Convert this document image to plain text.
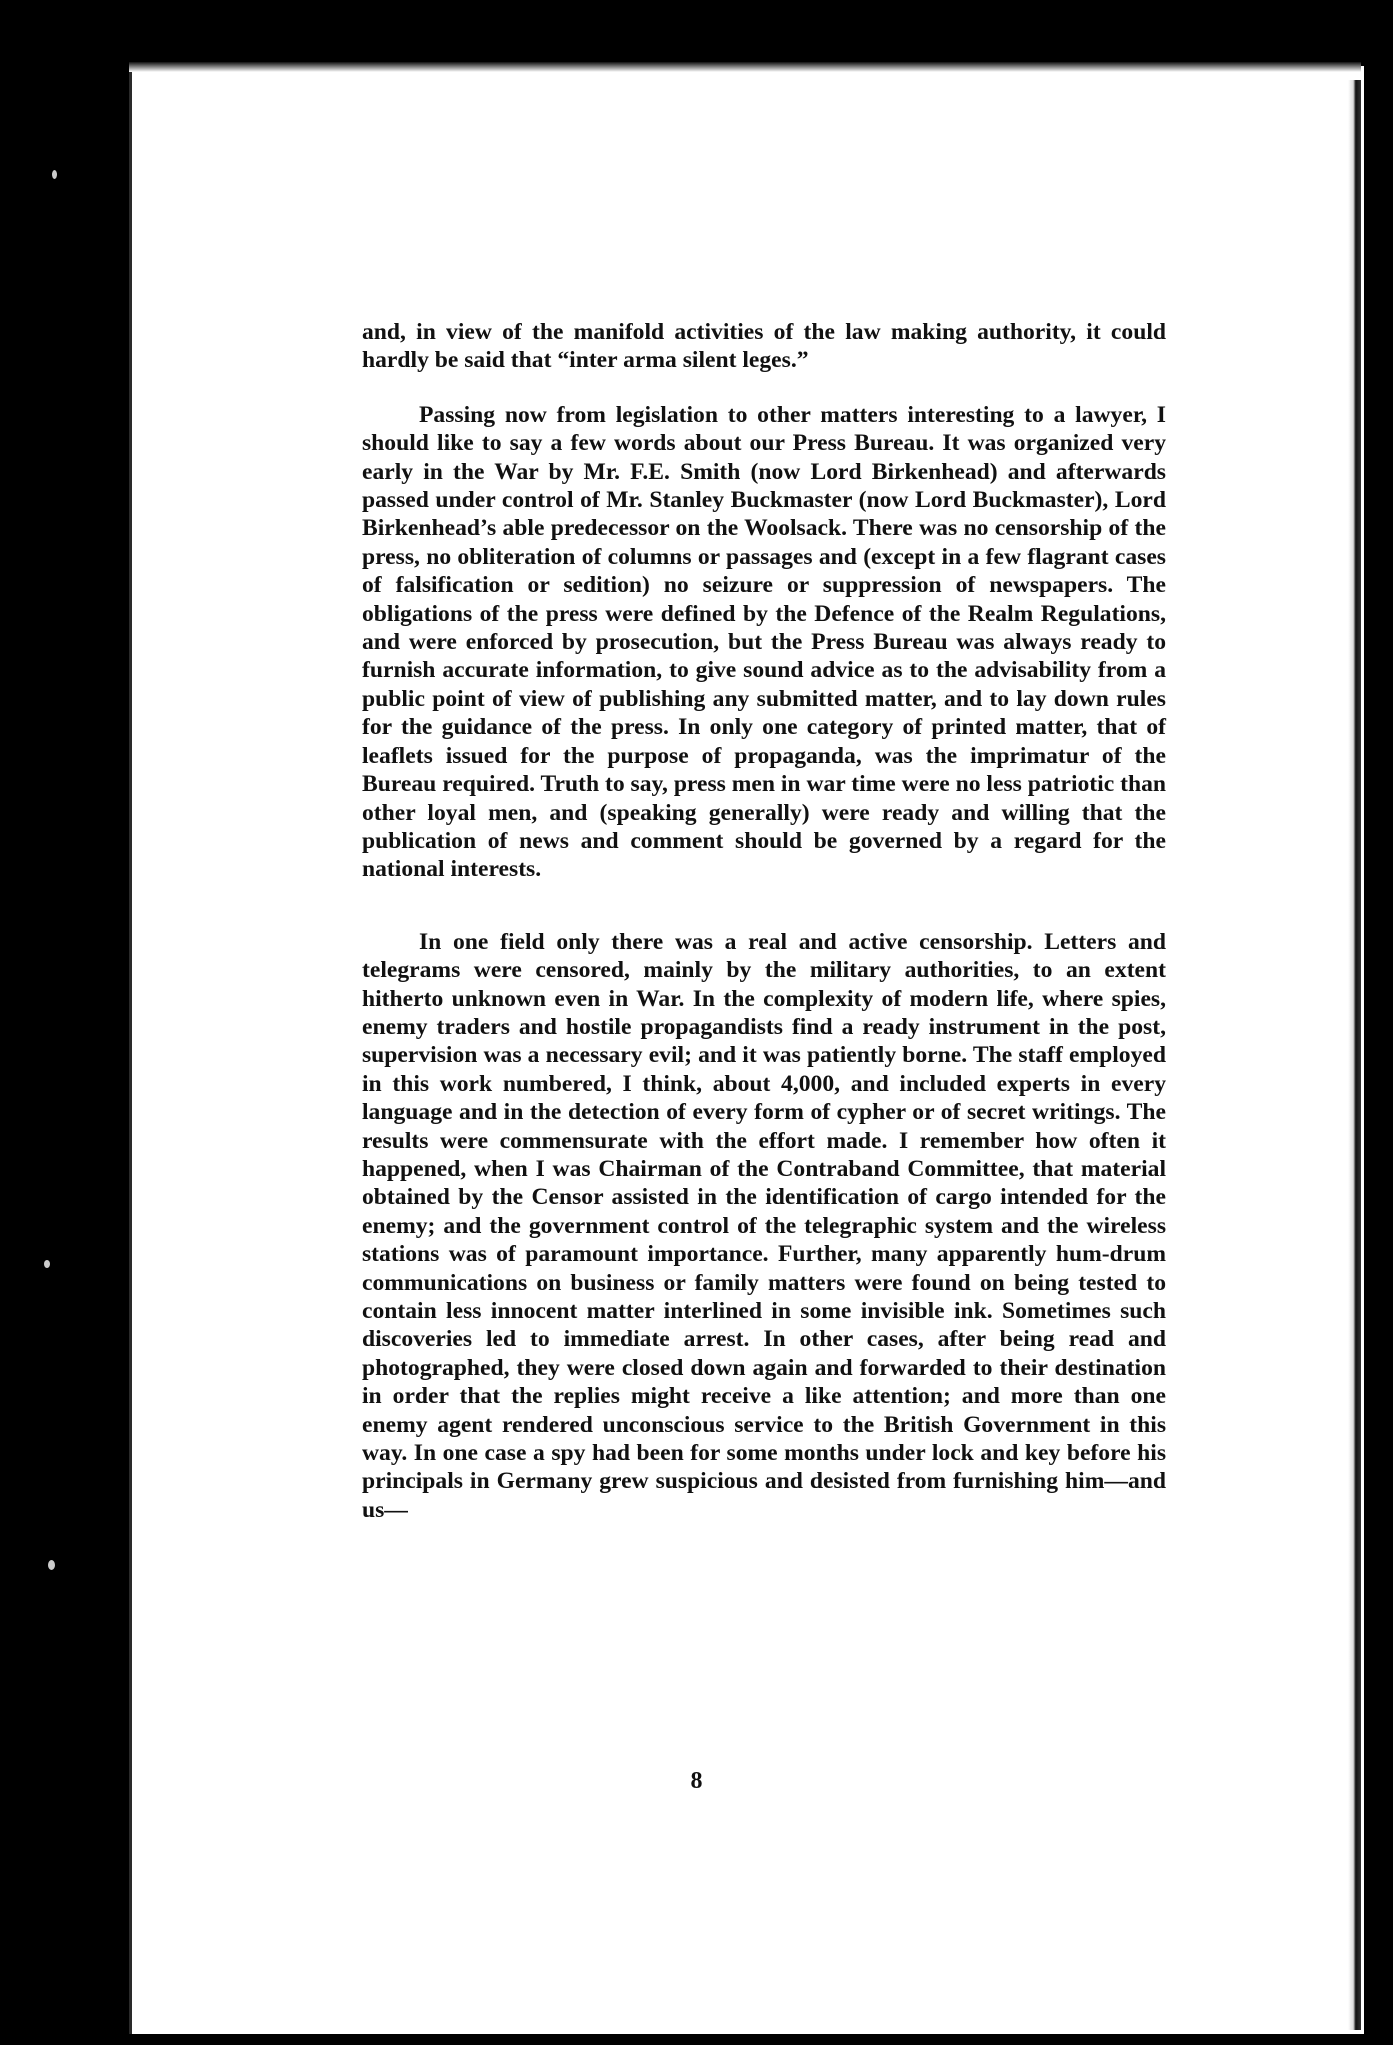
and, in view of the manifold activities of the law making authority, it could hardly be said that “inter arma silent leges.”

Passing now from legislation to other matters interesting to a lawyer, I should like to say a few words about our Press Bureau. It was organized very early in the War by Mr. F.E. Smith (now Lord Birkenhead) and afterwards passed under control of Mr. Stanley Buckmaster (now Lord Buckmaster), Lord Birkenhead’s able predecessor on the Woolsack. There was no censorship of the press, no obliteration of columns or passages and (except in a few flagrant cases of falsification or sedition) no seizure or suppression of newspapers. The obligations of the press were defined by the Defence of the Realm Regulations, and were enforced by prosecution, but the Press Bureau was always ready to furnish accurate information, to give sound advice as to the advisability from a public point of view of publishing any submitted matter, and to lay down rules for the guidance of the press. In only one category of printed matter, that of leaflets issued for the purpose of propaganda, was the imprimatur of the Bureau required. Truth to say, press men in war time were no less patriotic than other loyal men, and (speaking generally) were ready and willing that the publication of news and comment should be governed by a regard for the national interests.

In one field only there was a real and active censorship. Letters and telegrams were censored, mainly by the military authorities, to an extent hitherto unknown even in War. In the complexity of modern life, where spies, enemy traders and hostile propagandists find a ready instrument in the post, supervision was a necessary evil; and it was patiently borne. The staff employed in this work numbered, I think, about 4,000, and included experts in every language and in the detection of every form of cypher or of secret writings. The results were commensurate with the effort made. I remember how often it happened, when I was Chairman of the Contraband Committee, that material obtained by the Censor assisted in the identification of cargo intended for the enemy; and the government control of the telegraphic system and the wireless stations was of paramount importance. Further, many apparently hum-drum communications on business or family matters were found on being tested to contain less innocent matter interlined in some invisible ink. Sometimes such discoveries led to immediate arrest. In other cases, after being read and photographed, they were closed down again and forwarded to their destination in order that the replies might receive a like attention; and more than one enemy agent rendered unconscious service to the British Government in this way. In one case a spy had been for some months under lock and key before his principals in Germany grew suspicious and desisted from furnishing him—and us—

8
